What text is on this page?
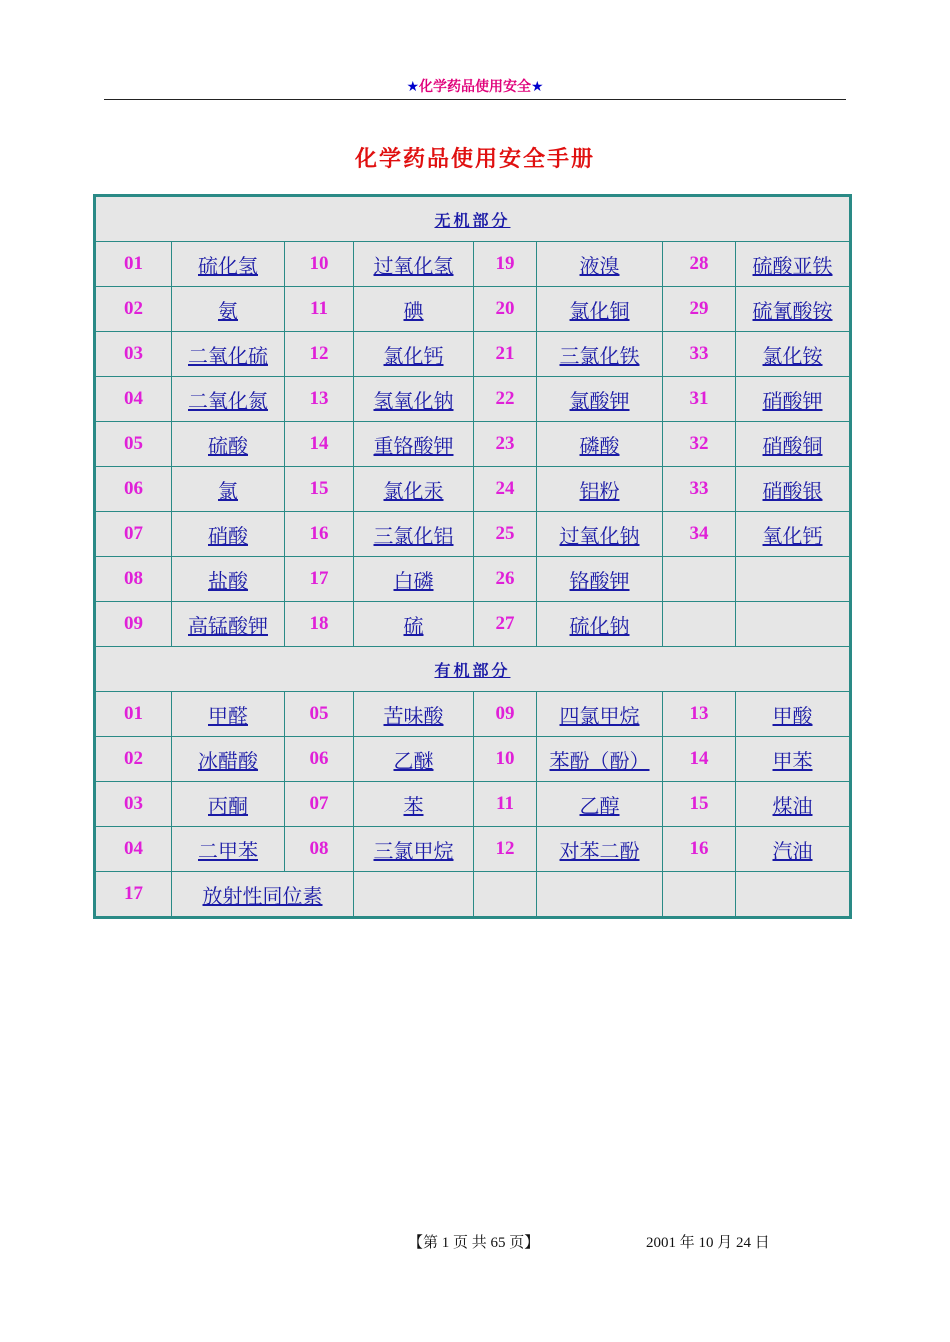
★化学药品使用安全★
化学药品使用安全手册
无机部分							
01	硫化氢	10	过氧化氢	19	液溴	28	硫酸亚铁
02	氨	11	碘	20	氯化铜	29	硫氰酸铵
03	二氧化硫	12	氯化钙	21	三氯化铁	33	氯化铵
04	二氧化氮	13	氢氧化钠	22	氯酸钾	31	硝酸钾
05	硫酸	14	重铬酸钾	23	磷酸	32	硝酸铜
06	氯	15	氯化汞	24	铝粉	33	硝酸银
07	硝酸	16	三氯化铝	25	过氧化钠	34	氧化钙
08	盐酸	17	白磷	26	铬酸钾		
09	高锰酸钾	18	硫	27	硫化钠		
有机部分							
01	甲醛	05	苦味酸	09	四氯甲烷	13	甲酸
02	冰醋酸	06	乙醚	10	苯酚（酚）	14	甲苯
03	丙酮	07	苯	11	乙醇	15	煤油
04	二甲苯	08	三氯甲烷	12	对苯二酚	16	汽油
17	放射性同位素						
【第 1 页 共 65 页】	2001 年 10 月 24 日
